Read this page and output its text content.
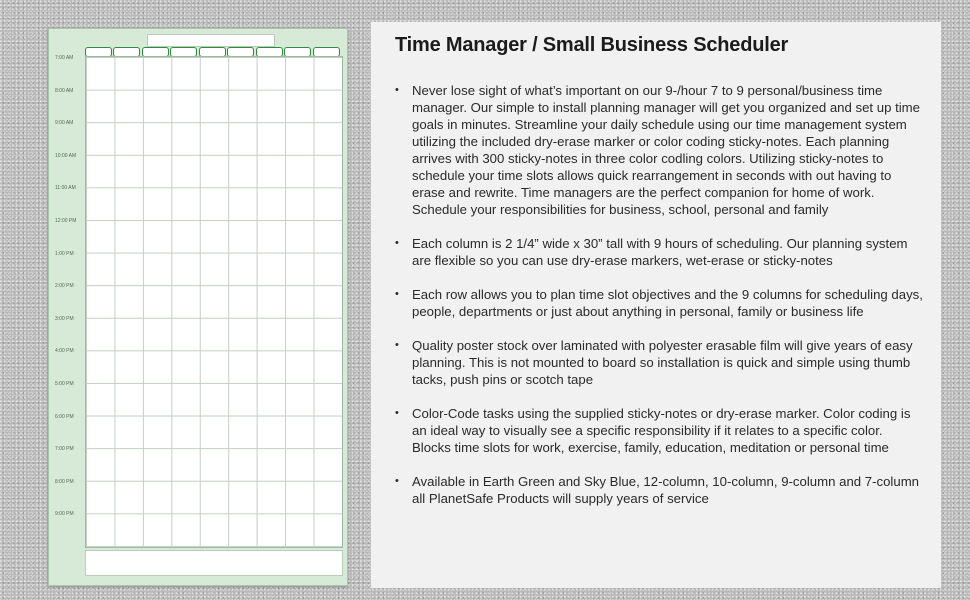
7:00 AM
8:00 AM
9:00 AM
10:00 AM
11:00 AM
12:00 PM
1:00 PM
2:00 PM
3:00 PM
4:00 PM
5:00 PM
6:00 PM
7:00 PM
8:00 PM
9:00 PM
Time Manager / Small Business Scheduler
• Never lose sight of what’s important on our 9-/hour 7 to 9 personal/business time manager. Our simple to install planning manager will get you organized and set up time goals in minutes. Streamline your daily schedule using our time management system utilizing the included dry-erase marker or color coding sticky-notes. Each planning arrives with 300 sticky-notes in three color codling colors. Utilizing sticky-notes to schedule your time slots allows quick rearrangement in seconds with out having to erase and rewrite. Time managers are the perfect companion for home of work. Schedule your responsibilities for business, school, personal and family
• Each column is 2 1/4” wide x 30” tall with 9 hours of scheduling. Our planning system are flexible so you can use dry-erase markers, wet-erase or sticky-notes
• Each row allows you to plan time slot objectives and the 9 columns for scheduling days, people, departments or just about anything in personal, family or business life
• Quality poster stock over laminated with polyester erasable film will give years of easy planning. This is not mounted to board so installation is quick and simple using thumb tacks, push pins or scotch tape
• Color-Code tasks using the supplied sticky-notes or dry-erase marker. Color coding is an ideal way to visually see a specific responsibility if it relates to a specific color. Blocks time slots for work, exercise, family, education, meditation or personal time
• Available in Earth Green and Sky Blue, 12-column, 10-column, 9-column and 7-column all PlanetSafe Products will supply years of service
